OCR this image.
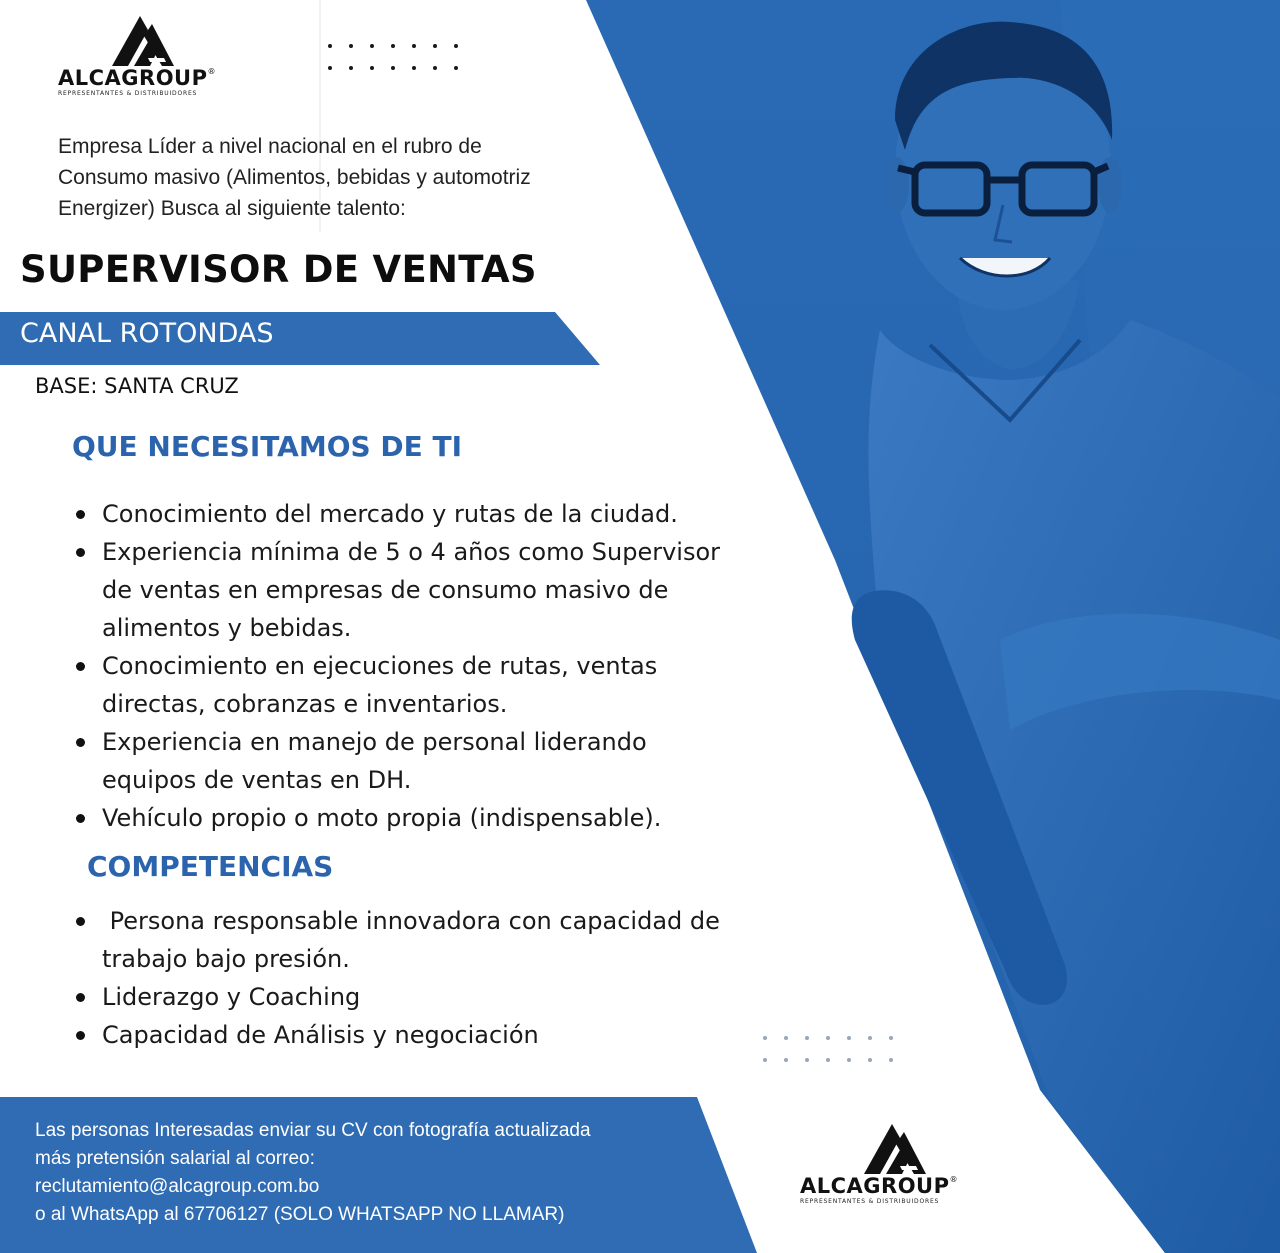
ALCAGROUP®
REPRESENTANTES & DISTRIBUIDORES
Empresa Líder a nivel nacional en el rubro de
Consumo masivo (Alimentos, bebidas y automotriz
Energizer) Busca al siguiente talento:
SUPERVISOR DE VENTAS
CANAL ROTONDAS
BASE: SANTA CRUZ
QUE NECESITAMOS DE TI
Conocimiento del mercado y rutas de la ciudad.
Experiencia mínima de 5 o 4 años como Supervisor
de ventas en empresas de consumo masivo de
alimentos y bebidas.
Conocimiento en ejecuciones de rutas, ventas
directas, cobranzas e inventarios.
Experiencia en manejo de personal liderando
equipos de ventas en DH.
Vehículo propio o moto propia (indispensable).
COMPETENCIAS
Persona responsable innovadora con capacidad de
trabajo bajo presión.
Liderazgo y Coaching
Capacidad de Análisis y negociación
Las personas Interesadas enviar su CV con fotografía actualizada
más pretensión salarial al correo:
reclutamiento@alcagroup.com.bo
o al WhatsApp al 67706127 (SOLO WHATSAPP NO LLAMAR)
ALCAGROUP®
REPRESENTANTES & DISTRIBUIDORES
